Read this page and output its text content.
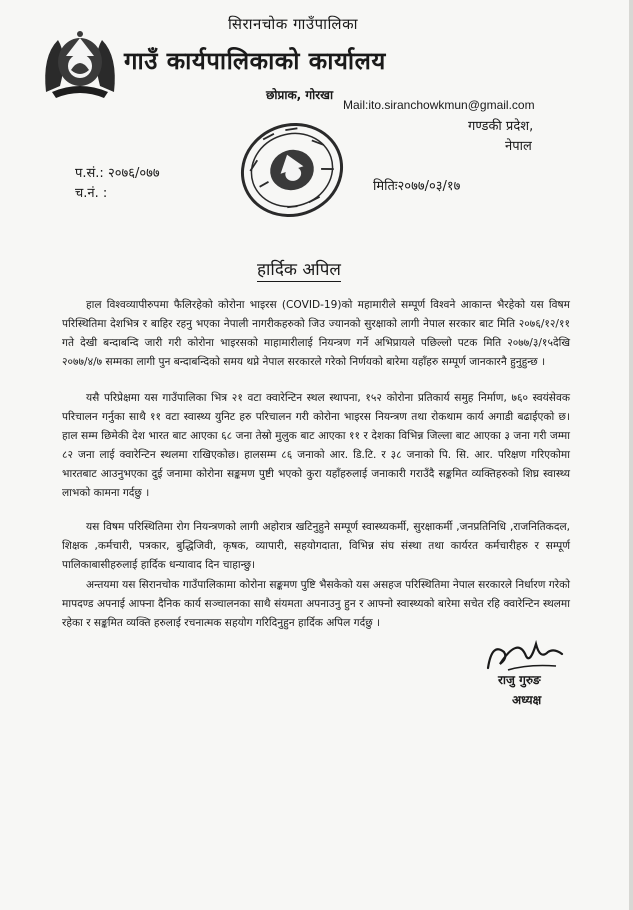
सिरानचोक गाउँपालिका
गाउँ कार्यपालिकाको कार्यालय
छोप्राक, गोरखा
Mail:ito.siranchowkmun@gmail.com
गण्डकी प्रदेश,
नेपाल
प.सं.: २०७६/०७७
च.नं. :	मितिः२०७७/०३/१७
हार्दिक अपिल

हाल विश्वव्यापीरुपमा फैलिरहेको कोरोना भाइरस (COVID-19)को महामारीले सम्पूर्ण विश्वने आकान्त भैरहेको यस विषम परिस्थितिमा देशभित्र र बाहिर रहनु भएका नेपाली नागरीकहरुको जिउ ज्यानको सुरक्षाको लागी नेपाल सरकार बाट मिति २०७६/१२/११ गते देखी बन्दाबन्दि जारी गरी कोरोना भाइरसको माहामारीलाई नियन्त्रण गर्ने अभिप्रायले पछिल्लो पटक मिति २०७७/३/१५देखि २०७७/४/७ सम्मका लागी पुन बन्दाबन्दिको समय थप्ने नेपाल सरकारले गरेको निर्णयको बारेमा यहाँहरु सम्पूर्ण जानकारनै हुनुहुन्छ ।

यसै परिप्रेक्षमा यस गाउँपालिका भित्र २१ वटा क्वारेन्टिन स्थल स्थापना, १५२ कोरोना प्रतिकार्य समुह निर्माण, ७६० स्वयंसेवक परिचालन गर्नुका साथै ११ वटा स्वास्थ्य युनिट हरु परिचालन गरी कोरोना भाइरस नियन्त्रण तथा रोकथाम कार्य अगाडी बढाईएको छ। हाल सम्म छिमेकी देश भारत बाट आएका ६८ जना तेस्रो मुलुक बाट आएका ११ र देशका विभिन्न जिल्ला बाट आएका ३ जना गरी जम्मा ८२ जना लाई क्वारेन्टिन स्थलमा राखिएकोछ। हालसम्म ८६ जनाको आर. डि.टि. र ३८ जनाको पि. सि. आर. परिक्षण गरिएकोमा भारतबाट आउनुभएका दुई जनामा कोरोना सङ्कमण पुष्टी भएको कुरा यहाँहरुलाई जनाकारी गराउँदै सङ्कमित व्यक्तिहरुको शिघ्र स्वास्थ्य लाभको कामना गर्दछु ।

यस विषम परिस्थितिमा रोग नियन्त्रणको लागी अहोरात्र खटिनुहुने सम्पूर्ण स्वास्थ्यकर्मी, सुरक्षाकर्मी ,जनप्रतिनिधि ,राजनितिकदल, शिक्षक ,कर्मचारी, पत्रकार, बुद्धिजिवी, कृषक, व्यापारी, सहयोगदाता, विभिन्न संघ संस्था तथा कार्यरत कर्मचारीहरु र सम्पूर्ण पालिकाबासीहरुलाई हार्दिक धन्यावाद दिन चाहान्छु।

अन्तयमा यस सिरानचोक गाउँपालिकामा कोरोना सङ्कमण पुष्टि भैसकेको यस असहज परिस्थितिमा नेपाल सरकारले निर्धारण गरेको मापदण्ड अपनाई आफ्ना दैनिक कार्य सञ्चालनका साथै संयमता अपनाउनु हुन र आफ्नो स्वास्थ्यको बारेमा सचेत रहि क्वारेन्टिन स्थलमा रहेका र सङ्कमित व्यक्ति हरुलाई रचनात्मक सहयोग गरिदिनुहुन हार्दिक अपिल गर्दछु ।

राजु गुरुङ
अध्यक्ष
